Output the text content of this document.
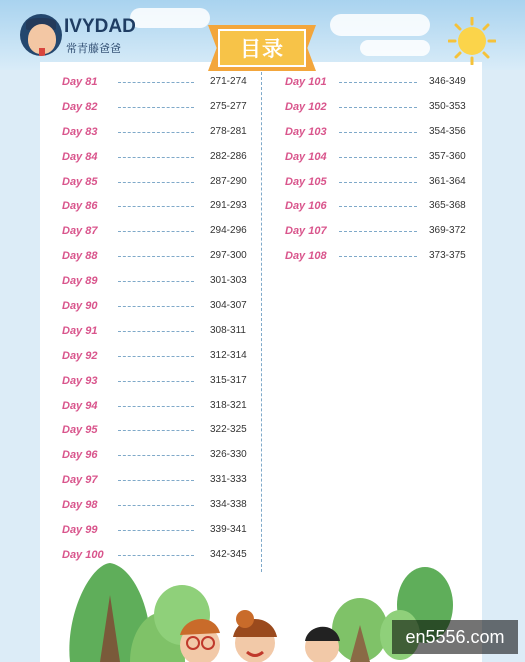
IVYDAD
常青藤爸爸	目录
Day 81	271-274
Day 82	275-277
Day 83	278-281
Day 84	282-286
Day 85	287-290
Day 86	291-293
Day 87	294-296
Day 88	297-300
Day 89	301-303
Day 90	304-307
Day 91	308-311
Day 92	312-314
Day 93	315-317
Day 94	318-321
Day 95	322-325
Day 96	326-330
Day 97	331-333
Day 98	334-338
Day 99	339-341
Day 100	342-345
Day 101	346-349
Day 102	350-353
Day 103	354-356
Day 104	357-360
Day 105	361-364
Day 106	365-368
Day 107	369-372
Day 108	373-375
en5556.com
